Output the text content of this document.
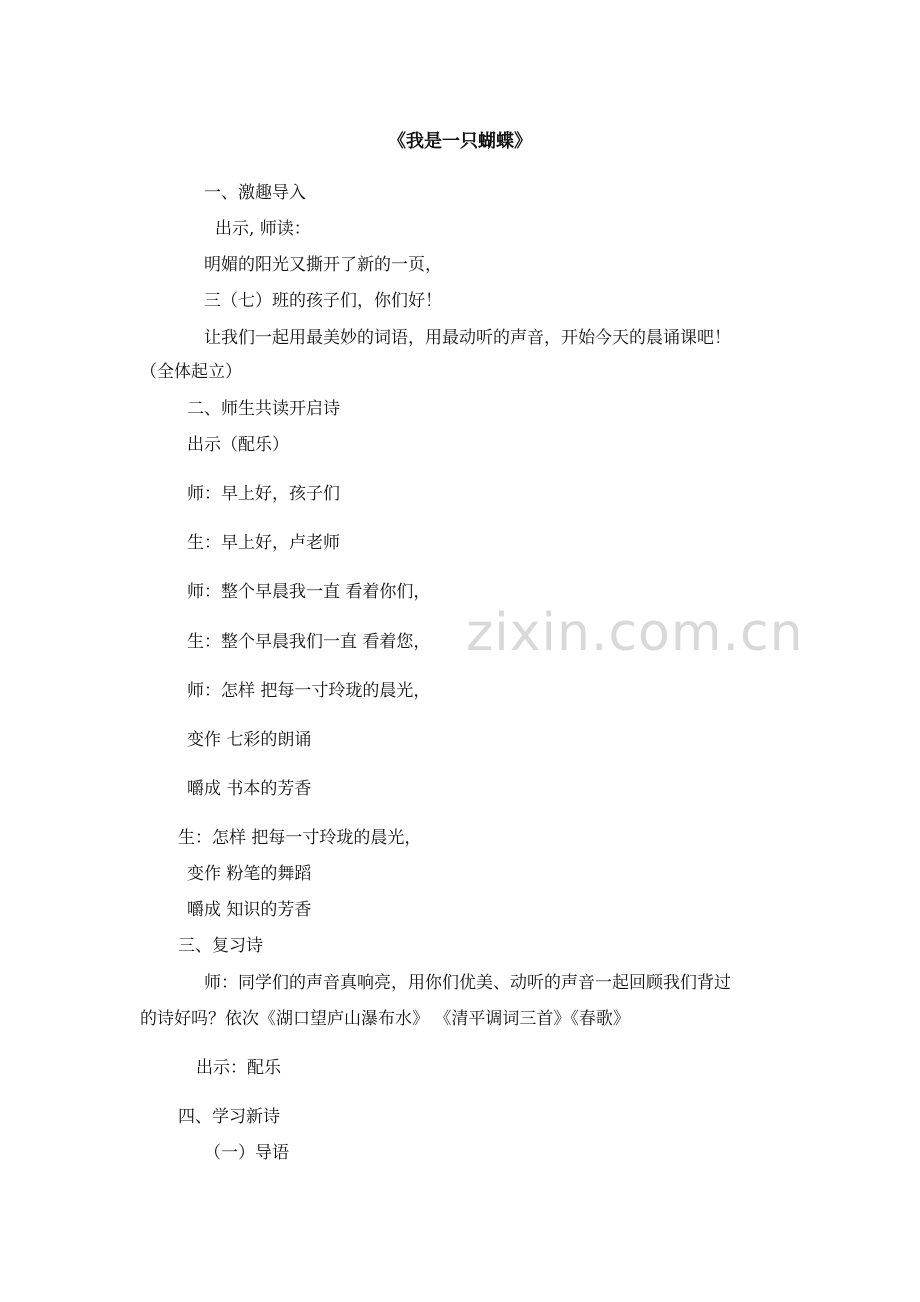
《我是一只蝴蝶》
一、激趣导入
出示, 师读：
明媚的阳光又撕开了新的一页，
三（七）班的孩子们，你们好！
让我们一起用最美妙的词语，用最动听的声音，开始今天的晨诵课吧！
（全体起立）
二、师生共读开启诗
出示（配乐）
师：早上好，孩子们
生：早上好，卢老师
师：整个早晨我一直 看着你们，
生：整个早晨我们一直 看着您，
师：怎样 把每一寸玲珑的晨光，
变作 七彩的朗诵
嚼成 书本的芳香
生：怎样 把每一寸玲珑的晨光，
变作 粉笔的舞蹈
嚼成 知识的芳香
三、复习诗
师：同学们的声音真响亮，用你们优美、动听的声音一起回顾我们背过
的诗好吗？依次《湖口望庐山瀑布水》 《清平调词三首》《春歌》
出示：配乐
四、学习新诗
（一）导语
zixin.com.cn
